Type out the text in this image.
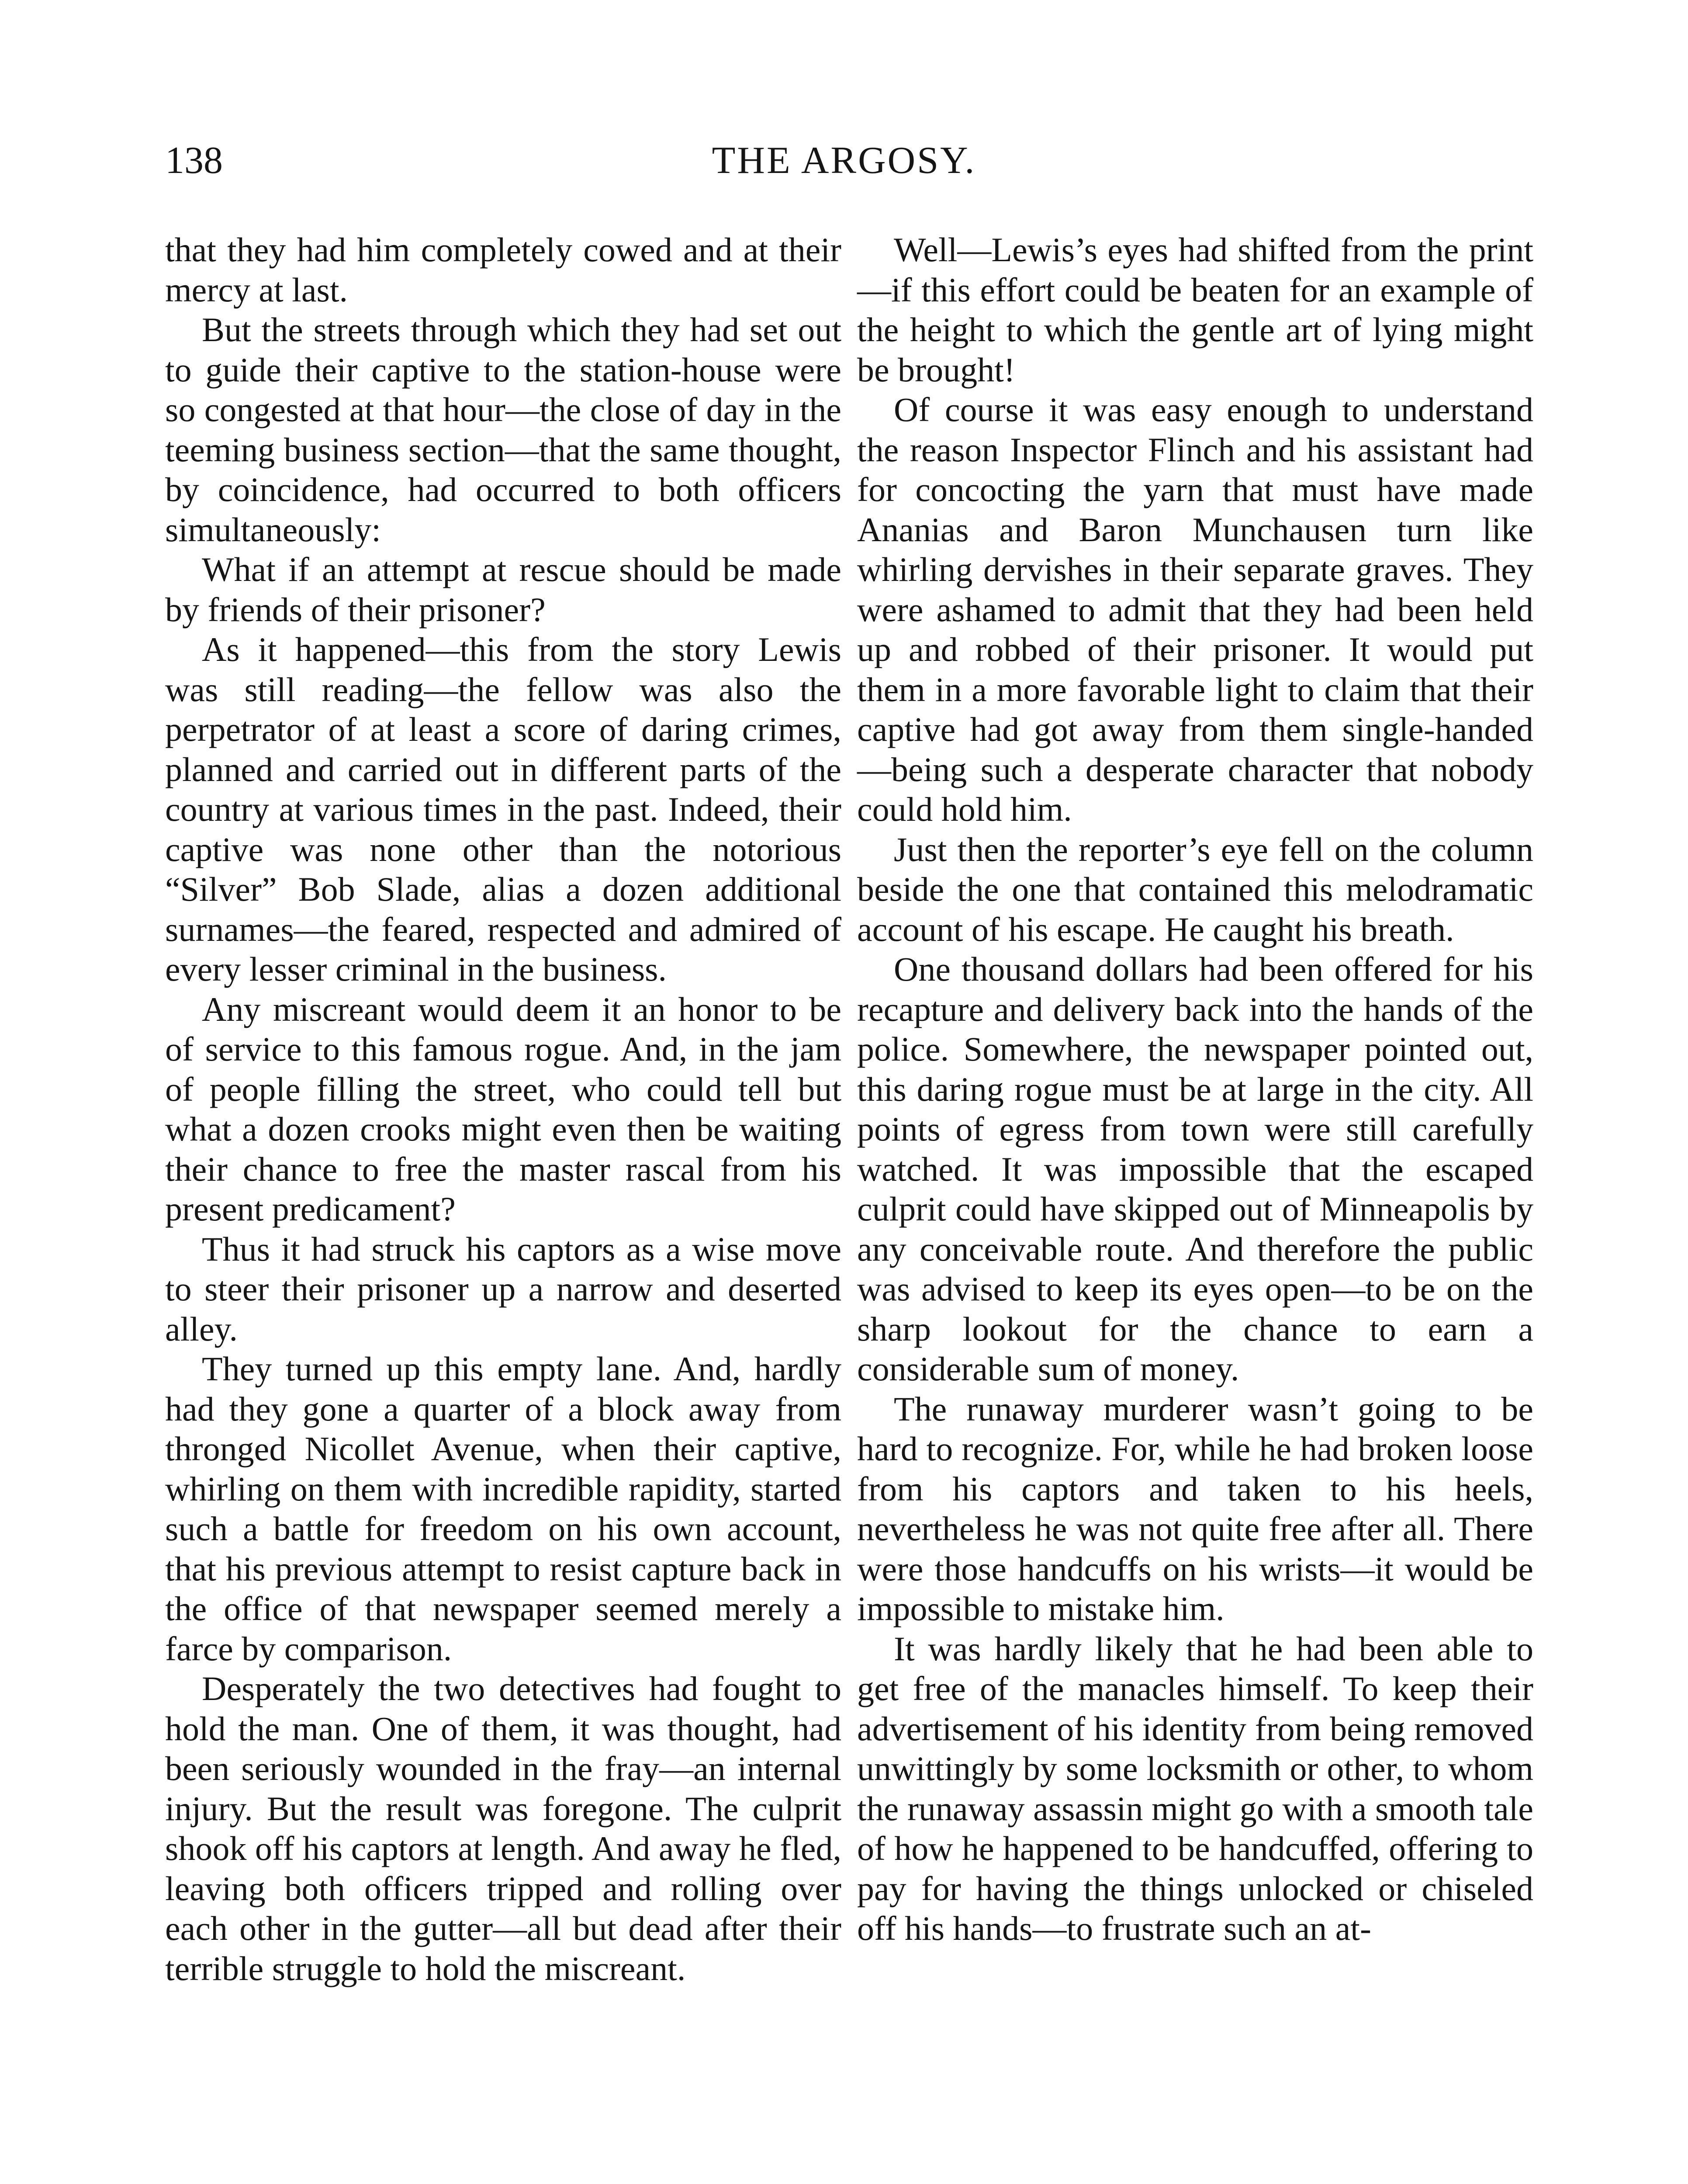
138	THE ARGOSY.

that they had him completely cowed and at their mercy at last.

But the streets through which they had set out to guide their captive to the station-house were so congested at that hour—the close of day in the teeming business section—that the same thought, by coincidence, had occurred to both officers simultaneously:

What if an attempt at rescue should be made by friends of their prisoner?

As it happened—this from the story Lewis was still reading—the fellow was also the perpetrator of at least a score of daring crimes, planned and carried out in different parts of the country at various times in the past. Indeed, their captive was none other than the notorious “Silver” Bob Slade, alias a dozen additional surnames—the feared, respected and admired of every lesser criminal in the business.

Any miscreant would deem it an honor to be of service to this famous rogue. And, in the jam of people filling the street, who could tell but what a dozen crooks might even then be waiting their chance to free the master rascal from his present predicament?

Thus it had struck his captors as a wise move to steer their prisoner up a narrow and deserted alley.

They turned up this empty lane. And, hardly had they gone a quarter of a block away from thronged Nicollet Avenue, when their captive, whirling on them with incredible rapidity, started such a battle for freedom on his own account, that his previous attempt to resist capture back in the office of that newspaper seemed merely a farce by comparison.

Desperately the two detectives had fought to hold the man. One of them, it was thought, had been seriously wounded in the fray—an internal injury. But the result was foregone. The culprit shook off his captors at length. And away he fled, leaving both officers tripped and rolling over each other in the gutter—all but dead after their terrible struggle to hold the miscreant.

Well—Lewis’s eyes had shifted from the print—if this effort could be beaten for an example of the height to which the gentle art of lying might be brought!

Of course it was easy enough to understand the reason Inspector Flinch and his assistant had for concocting the yarn that must have made Ananias and Baron Munchausen turn like whirling dervishes in their separate graves. They were ashamed to admit that they had been held up and robbed of their prisoner. It would put them in a more favorable light to claim that their captive had got away from them single-handed —being such a desperate character that nobody could hold him.

Just then the reporter’s eye fell on the column beside the one that contained this melodramatic account of his escape. He caught his breath.

One thousand dollars had been offered for his recapture and delivery back into the hands of the police. Somewhere, the newspaper pointed out, this daring rogue must be at large in the city. All points of egress from town were still carefully watched. It was impossible that the escaped culprit could have skipped out of Minneapolis by any conceivable route. And therefore the public was advised to keep its eyes open—to be on the sharp lookout for the chance to earn a considerable sum of money.

The runaway murderer wasn’t going to be hard to recognize. For, while he had broken loose from his captors and taken to his heels, nevertheless he was not quite free after all. There were those handcuffs on his wrists—it would be impossible to mistake him.

It was hardly likely that he had been able to get free of the manacles himself. To keep their advertisement of his identity from being removed unwittingly by some locksmith or other, to whom the runaway assassin might go with a smooth tale of how he happened to be handcuffed, offering to pay for having the things unlocked or chiseled off his hands—to frustrate such an at-
